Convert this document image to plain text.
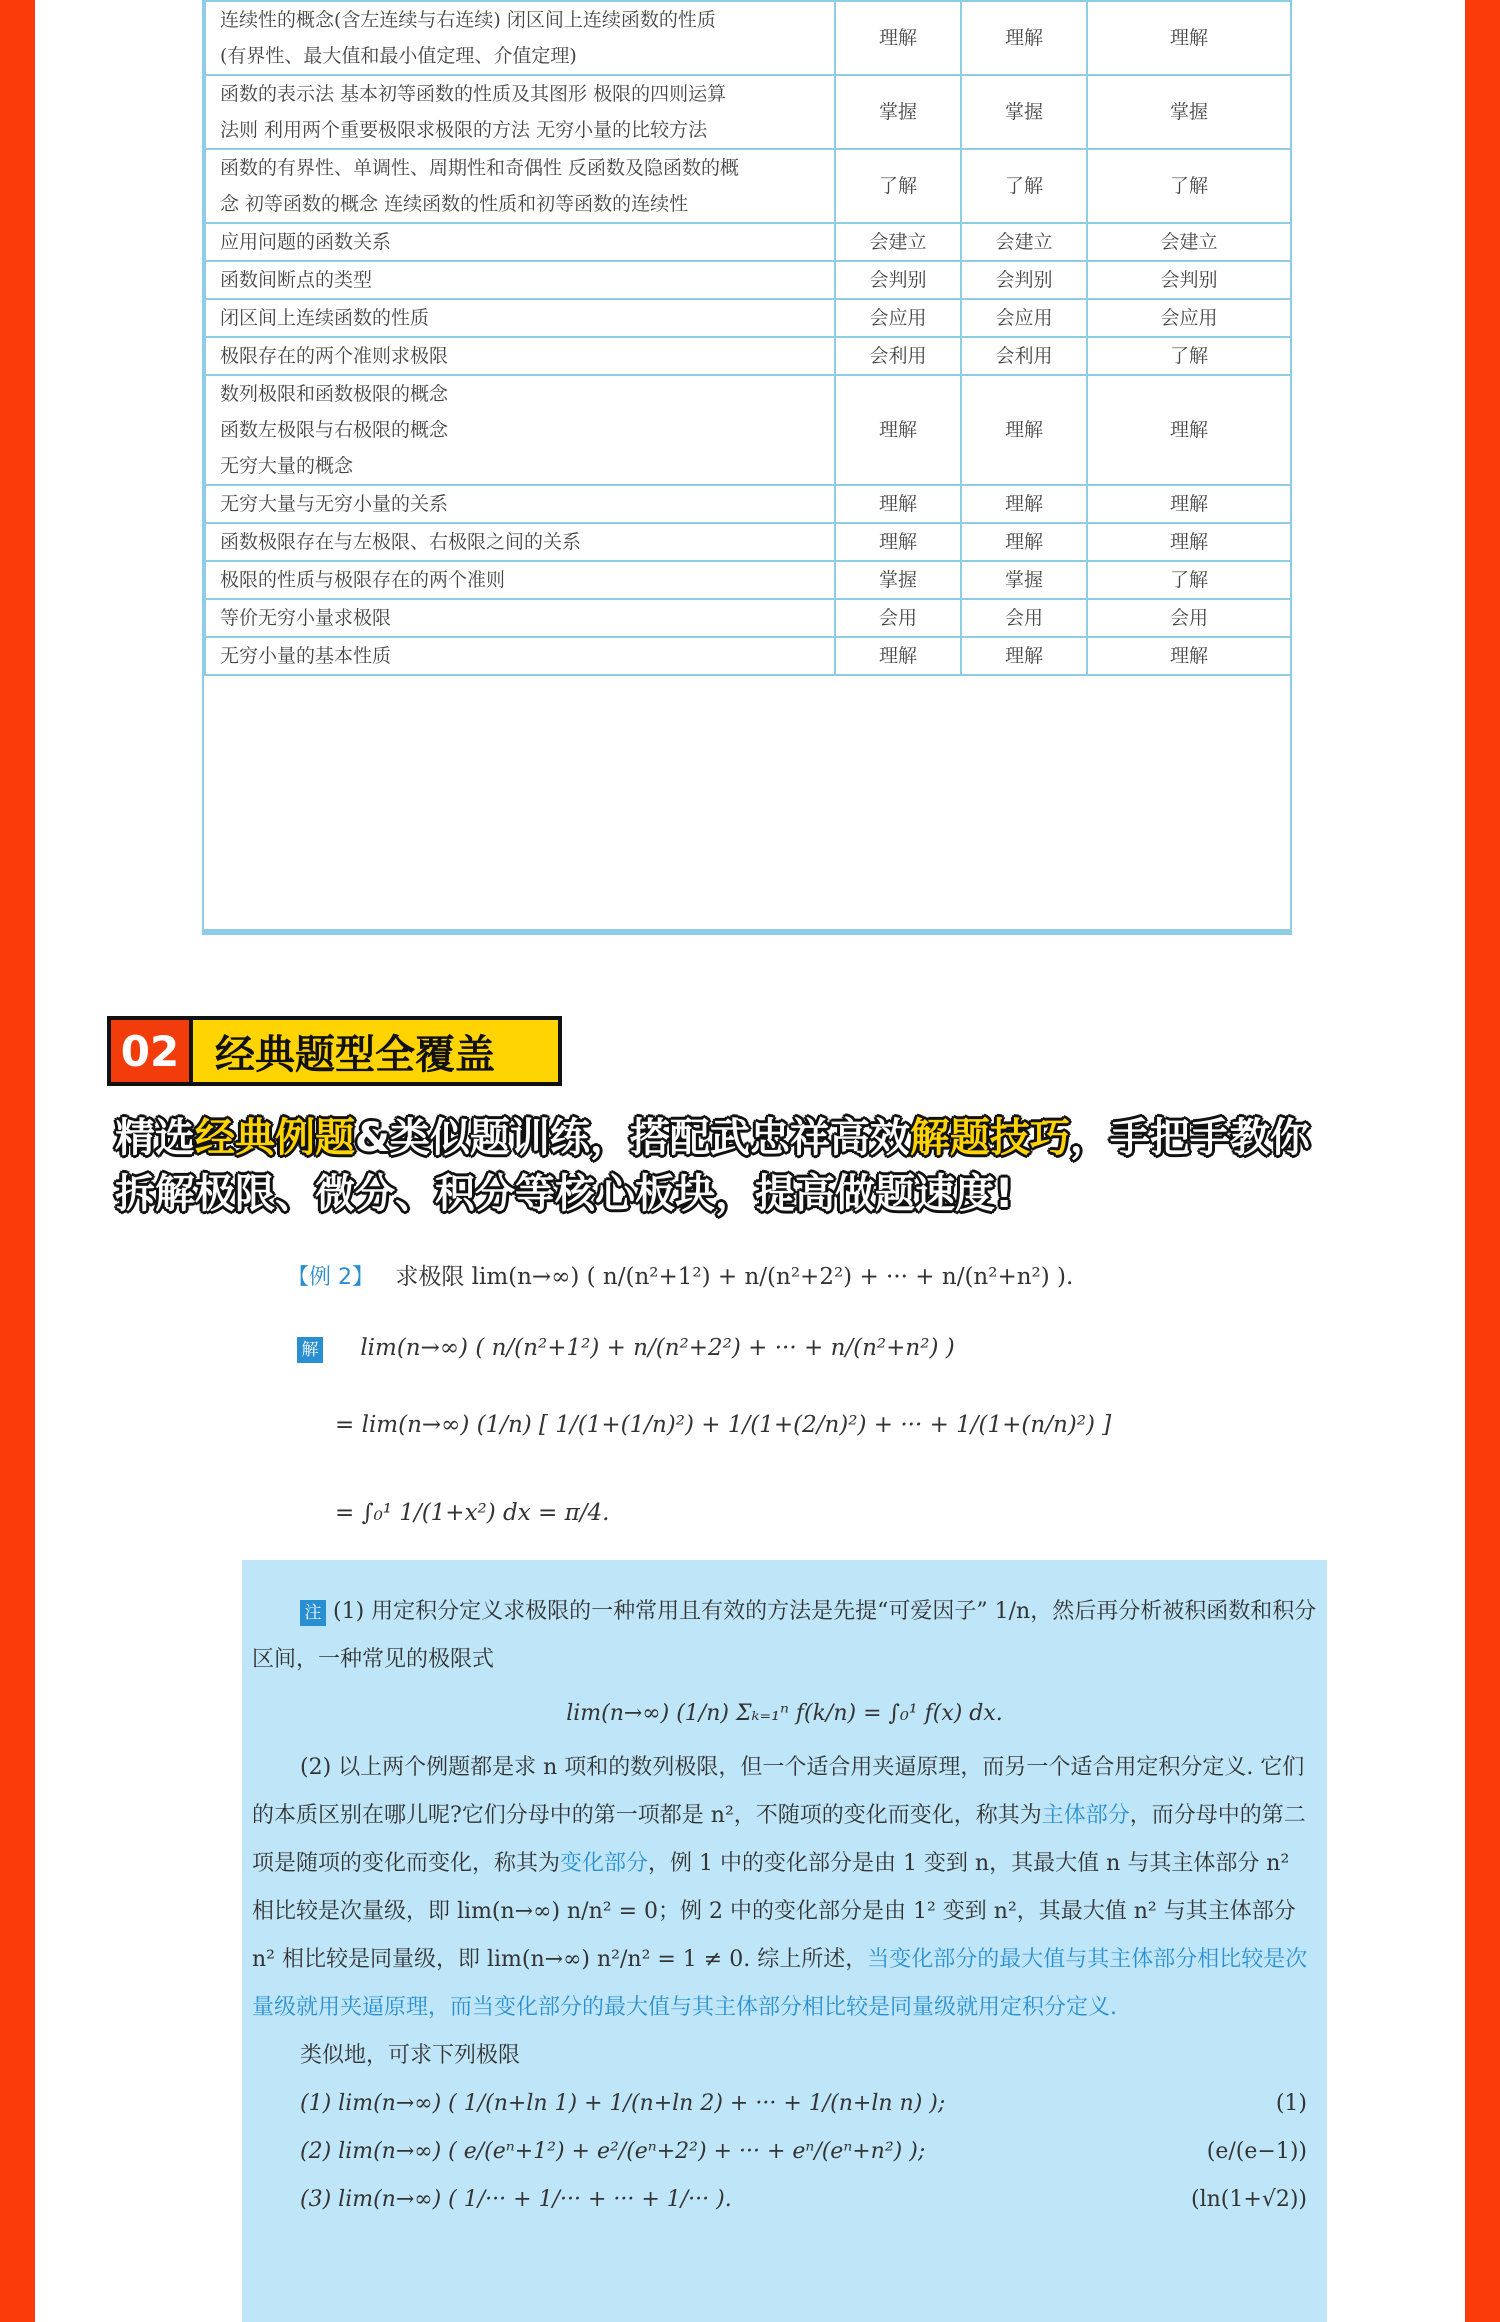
连续性的概念(含左连续与右连续) 闭区间上连续函数的性质
(有界性、最大值和最小值定理、介值定理)	理解	理解	理解

函数的表示法 基本初等函数的性质及其图形 极限的四则运算
法则 利用两个重要极限求极限的方法 无穷小量的比较方法	掌握	掌握	掌握

函数的有界性、单调性、周期性和奇偶性 反函数及隐函数的概
念 初等函数的概念 连续函数的性质和初等函数的连续性	了解	了解	了解

应用问题的函数关系	会建立	会建立	会建立

函数间断点的类型	会判别	会判别	会判别

闭区间上连续函数的性质	会应用	会应用	会应用

极限存在的两个准则求极限	会利用	会利用	了解

数列极限和函数极限的概念
函数左极限与右极限的概念
无穷大量的概念	理解	理解	理解

无穷大量与无穷小量的关系	理解	理解	理解

函数极限存在与左极限、右极限之间的关系	理解	理解	理解

极限的性质与极限存在的两个准则	掌握	掌握	了解

等价无穷小量求极限	会用	会用	会用

无穷小量的基本性质	理解	理解	理解
02 经典题型全覆盖
精选经典例题&类似题训练，搭配武忠祥高效解题技巧，手把手教你
拆解极限、微分、积分等核心板块，提高做题速度!
【例 2】 求极限 lim(n→∞) ( n/(n²+1²) + n/(n²+2²) + ··· + n/(n²+n²) ).
解 lim(n→∞) ( n/(n²+1²) + n/(n²+2²) + ··· + n/(n²+n²) )
= lim(n→∞) (1/n) [ 1/(1+(1/n)²) + 1/(1+(2/n)²) + ··· + 1/(1+(n/n)²) ]
= ∫₀¹ 1/(1+x²) dx = π/4.

注 (1) 用定积分定义求极限的一种常用且有效的方法是先提“可爱因子” 1/n，然后再分析被积函数和积分区间，一种常见的极限式

lim(n→∞) (1/n) Σₖ₌₁ⁿ f(k/n) = ∫₀¹ f(x) dx.

(2) 以上两个例题都是求 n 项和的数列极限，但一个适合用夹逼原理，而另一个适合用定积分定义. 它们的本质区别在哪儿呢?它们分母中的第一项都是 n²，不随项的变化而变化，称其为主体部分，而分母中的第二项是随项的变化而变化，称其为变化部分，例 1 中的变化部分是由 1 变到 n，其最大值 n 与其主体部分 n² 相比较是次量级，即 lim(n→∞) n/n² = 0；例 2 中的变化部分是由 1² 变到 n²，其最大值 n² 与其主体部分 n² 相比较是同量级，即 lim(n→∞) n²/n² = 1 ≠ 0. 综上所述，当变化部分的最大值与其主体部分相比较是次量级就用夹逼原理，而当变化部分的最大值与其主体部分相比较是同量级就用定积分定义.

类似地，可求下列极限

(1) lim(n→∞) ( 1/(n+ln 1) + 1/(n+ln 2) + ··· + 1/(n+ln n) );	(1)
(2) lim(n→∞) ( e/(eⁿ+1²) + e²/(eⁿ+2²) + ··· + eⁿ/(eⁿ+n²) );	(e/(e−1))
(3) lim(n→∞) ( 1/··· + 1/··· + ··· + 1/··· ).	(ln(1+√2))
